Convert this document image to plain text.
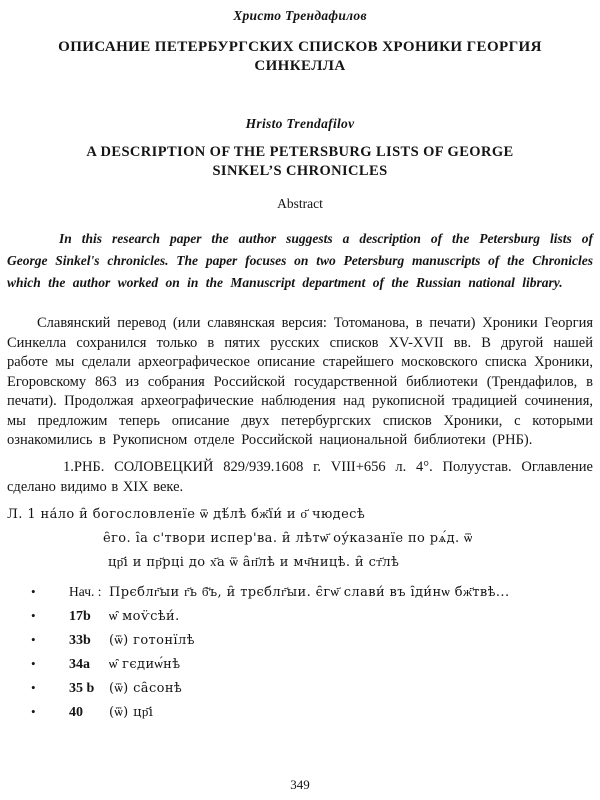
Христо Трендафилов
ОПИСАНИЕ ПЕТЕРБУРГСКИХ СПИСКОВ ХРОНИКИ ГЕОРГИЯ
СИНКЕЛЛА
Hristo Trendafilov
A DESCRIPTION OF THE PETERSBURG LISTS OF GEORGE
SINKEL’S CHRONICLES
Abstract
In this research paper the author suggests a description of the Petersburg lists of George Sinkel's chronicles. The paper focuses on two Petersburg manuscripts of the Chronicles which the author worked on in the Manuscript department of the Russian national library.
Славянский перевод (или славянская версия: Тотоманова, в печати) Хроники Георгия Синкелла сохранился только в пятих русских списков XV-XVII вв. В другой нашей работе мы сделали археографическое описание старейшего московского списка Хроники, Егоровскому 863 из собрания Российской государственной библиотеки (Трендафилов, в печати). Продолжая археографические наблюдения над рукописной традицией сочинения, мы предложим теперь описание двух петербургских списков Хроники, с которыми ознакомились в Рукописном отделе Российской национальной библиотеки (РНБ).
1.РНБ. СОЛОВЕЦКИЙ 829/939.1608 г. VIII+656 л. 4°. Полуустав. Оглавление сделано видимо в XIX веке.
Л. 1 на́ло и̑ богословленїе ѿ дѣ́лѣ бж҃їи́ и о҃ чюдесѣ
е̑го. і̑а с'твори испер'ва. и̑ лѣтѡ҃ оу́казанїе по рѧ́д. ѿ
цр҃і и пр҃рці до х҃а ѿ а̑п҃лѣ и мч҃ницѣ. и̑ ст҃лѣ
•	Нач. : Прєблг҃ыи г҃ь б҃ъ, и̑ трєблг҃ыи. є̑гѡ҃ слави́ въ і̑ди́нѡ бж҃твѣ...
•	17b	ѡ̑ моѵ̈сѣи́.
•	33b	(ѿ) готонїлѣ
•	34a	ѡ̑ гєдиѡ́нѣ
•	35 b	(ѿ) са̑сонѣ
•	40	(ѿ) цр҃і
349
